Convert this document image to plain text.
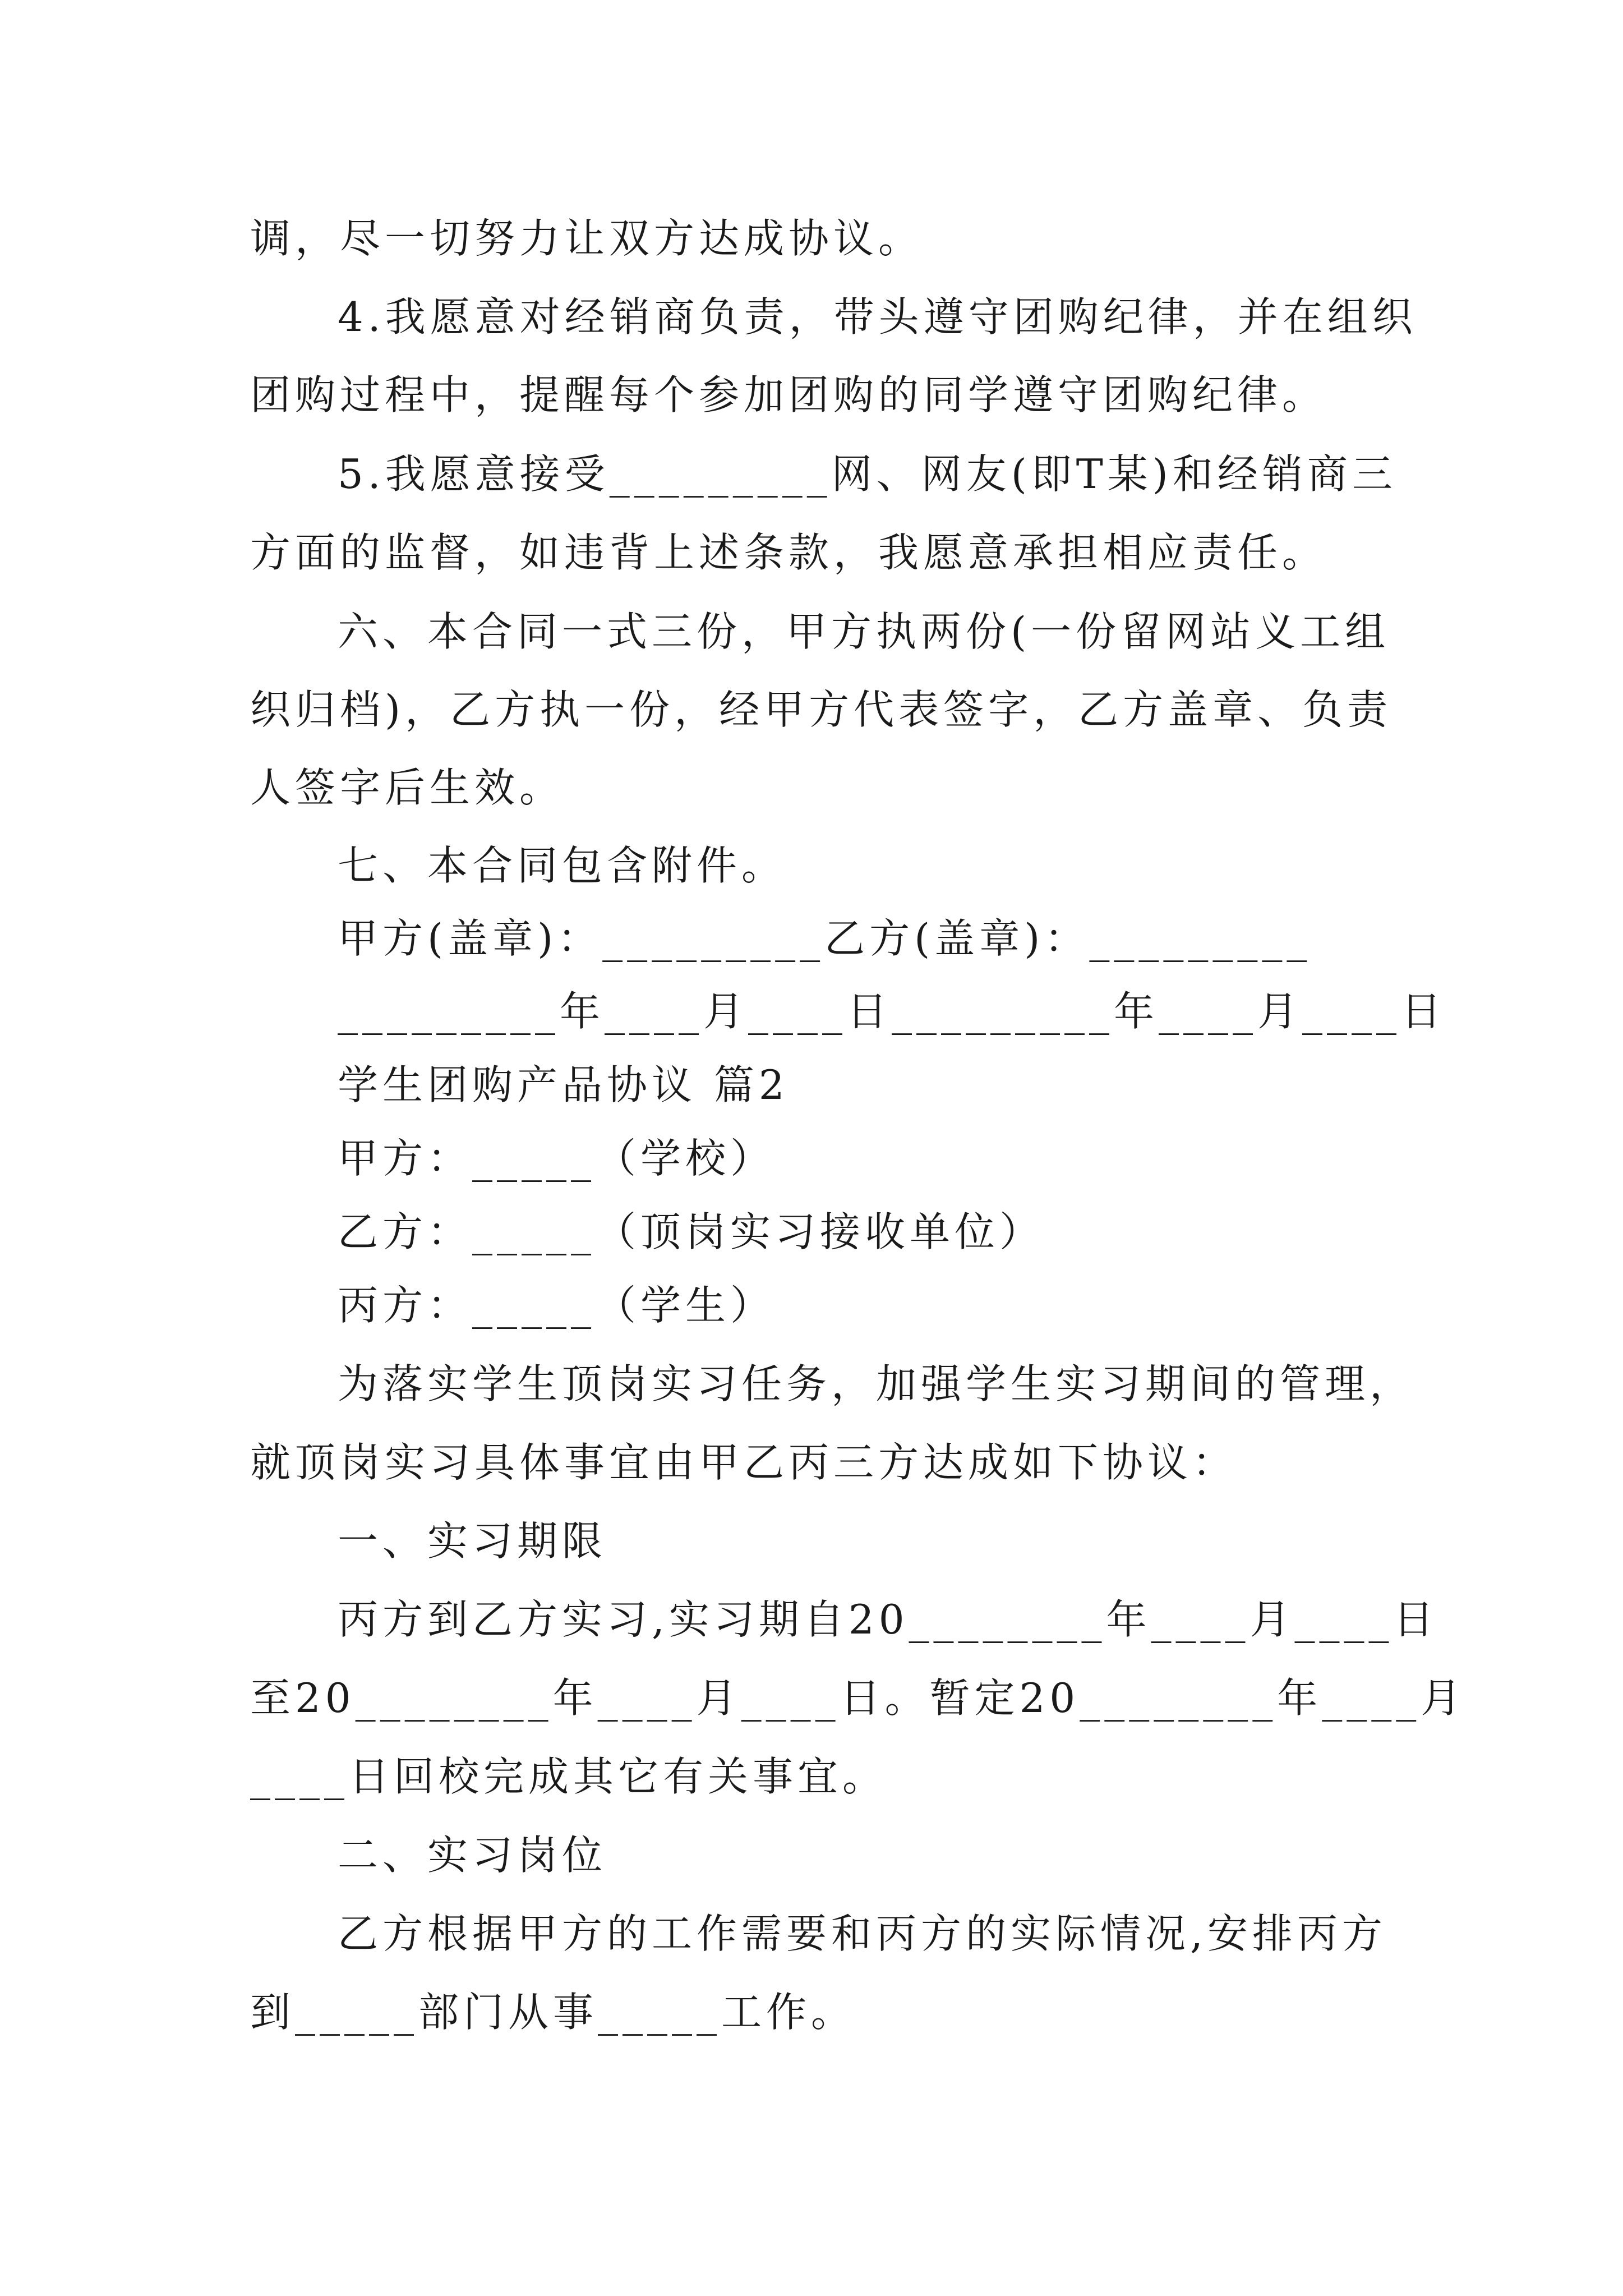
调，尽一切努力让双方达成协议。
4.我愿意对经销商负责，带头遵守团购纪律，并在组织
团购过程中，提醒每个参加团购的同学遵守团购纪律。
5.我愿意接受_________网、网友(即T某)和经销商三
方面的监督，如违背上述条款，我愿意承担相应责任。
六、本合同一式三份，甲方执两份(一份留网站义工组
织归档)，乙方执一份，经甲方代表签字，乙方盖章、负责
人签字后生效。
七、本合同包含附件。
甲方(盖章)：_________乙方(盖章)：_________
_________年____月____日_________年____月____日
学生团购产品协议 篇2
甲方：_____（学校）
乙方：_____（顶岗实习接收单位）
丙方：_____（学生）
为落实学生顶岗实习任务，加强学生实习期间的管理，
就顶岗实习具体事宜由甲乙丙三方达成如下协议：
一、实习期限
丙方到乙方实习,实习期自20________年____月____日
至20________年____月____日。暂定20________年____月
____日回校完成其它有关事宜。
二、实习岗位
乙方根据甲方的工作需要和丙方的实际情况,安排丙方
到_____部门从事_____工作。
